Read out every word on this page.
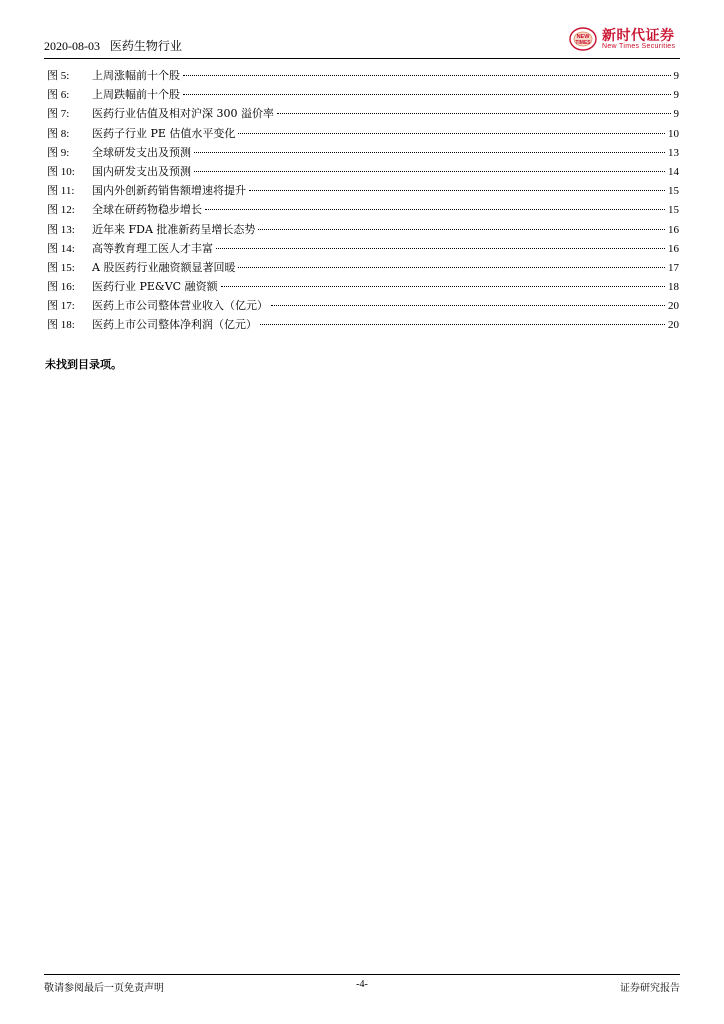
2020-08-03 医药生物行业
NEW
TIMES 新时代证券
New Times Securities
图 5:	上周涨幅前十个股	9
图 6:	上周跌幅前十个股	9
图 7:	医药行业估值及相对沪深 300 溢价率	9
图 8:	医药子行业 PE 估值水平变化	10
图 9:	全球研发支出及预测	13
图 10:	国内研发支出及预测	14
图 11:	国内外创新药销售额增速将提升	15
图 12:	全球在研药物稳步增长	15
图 13:	近年来 FDA 批准新药呈增长态势	16
图 14:	高等教育理工医人才丰富	16
图 15:	A 股医药行业融资额显著回暖	17
图 16:	医药行业 PE&VC 融资额	18
图 17:	医药上市公司整体营业收入（亿元）	20
图 18:	医药上市公司整体净利润（亿元）	20
未找到目录项。
敬请参阅最后一页免责声明	-4-	证券研究报告
